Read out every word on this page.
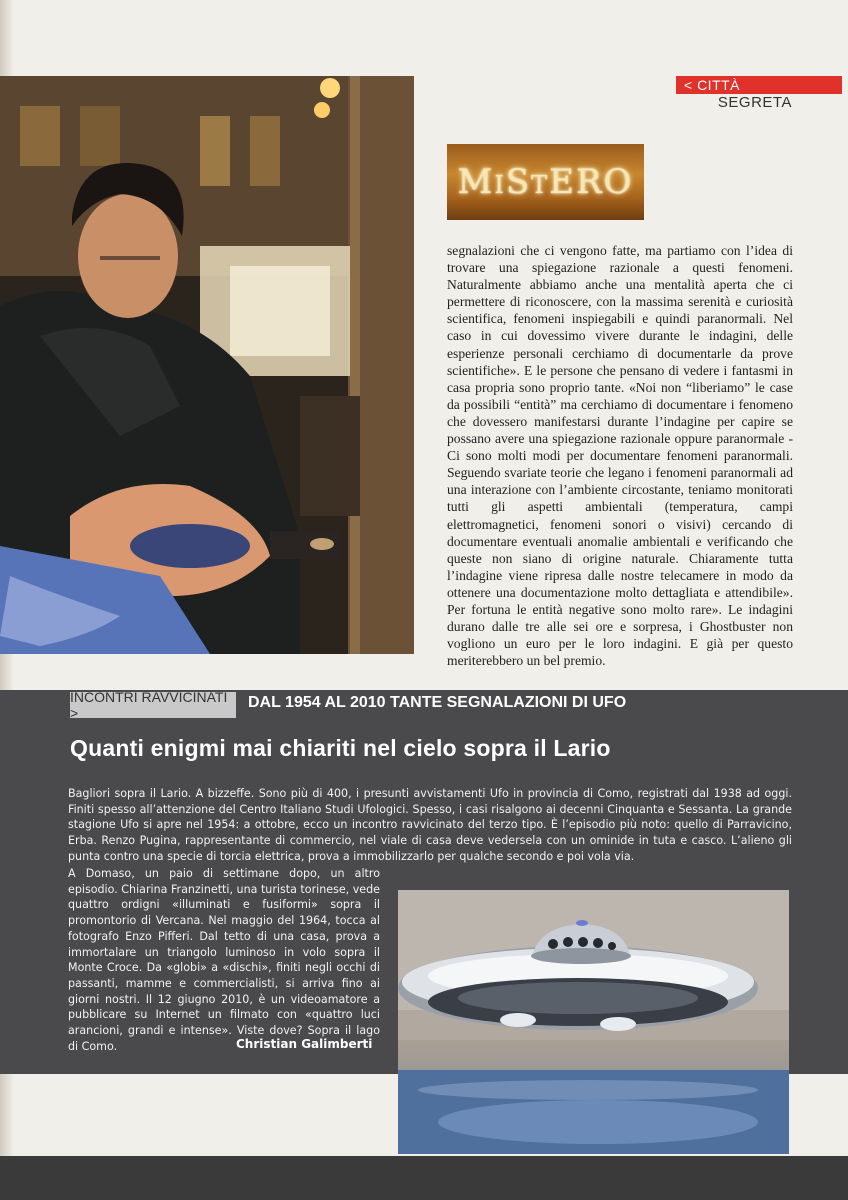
< CITTÀ
SEGRETA
MiStERO

segnalazioni che ci vengono fatte, ma partiamo con l’idea di trovare una spiegazione razionale a questi fenomeni. Naturalmente abbiamo anche una mentalità aperta che ci permettere di riconoscere, con la massima serenità e curiosità scientifica, fenomeni inspiegabili e quindi paranormali. Nel caso in cui dovessimo vivere durante le indagini, delle esperienze personali cerchiamo di documentarle da prove scientifiche». E le persone che pensano di vedere i fantasmi in casa propria sono proprio tante. «Noi non “liberiamo” le case da possibili “entità” ma cerchiamo di documentare i fenomeno che dovessero manifestarsi durante l’indagine per capire se possano avere una spiegazione razionale oppure paranormale - Ci sono molti modi per documentare fenomeni paranormali. Seguendo svariate teorie che legano i fenomeni paranormali ad una interazione con l’ambiente circostante, teniamo monitorati tutti gli aspetti ambientali (temperatura, campi elettromagnetici, fenomeni sonori o visivi) cercando di documentare eventuali anomalie ambientali e verificando che queste non siano di origine naturale. Chiaramente tutta l’indagine viene ripresa dalle nostre telecamere in modo da ottenere una documentazione molto dettagliata e attendibile». Per fortuna le entità negative sono molto rare». Le indagini durano dalle tre alle sei ore e sorpresa, i Ghostbuster non vogliono un euro per le loro indagini. E già per questo meriterebbero un bel premio.

INCONTRI RAVVICINATI >
DAL 1954 AL 2010 TANTE SEGNALAZIONI DI UFO
Quanti enigmi mai chiariti nel cielo sopra il Lario
Bagliori sopra il Lario. A bizzeffe. Sono più di 400, i presunti avvistamenti Ufo in provincia di Como, registrati dal 1938 ad oggi. Finiti spesso all’attenzione del Centro Italiano Studi Ufologici. Spesso, i casi risalgono ai decenni Cinquanta e Sessanta. La grande stagione Ufo si apre nel 1954: a ottobre, ecco un incontro ravvicinato del terzo tipo. È l’episodio più noto: quello di Parravicino, Erba. Renzo Pugina, rappresentante di commercio, nel viale di casa deve vedersela con un ominide in tuta e casco. L’alieno gli punta contro una specie di torcia elettrica, prova a immobilizzarlo per qualche secondo e poi vola via.
A Domaso, un paio di settimane dopo, un altro episodio. Chiarina Franzinetti, una turista torinese, vede quattro ordigni «illuminati e fusiformi» sopra il promontorio di Vercana. Nel maggio del 1964, tocca al fotografo Enzo Pifferi. Dal tetto di una casa, prova a immortalare un triangolo luminoso in volo sopra il Monte Croce. Da «globi» a «dischi», finiti negli occhi di passanti, mamme e commercialisti, si arriva fino ai giorni nostri. Il 12 giugno 2010, è un videoamatore a pubblicare su Internet un filmato con «quattro luci arancioni, grandi e intense». Viste dove? Sopra il lago di Como.	Christian Galimberti
